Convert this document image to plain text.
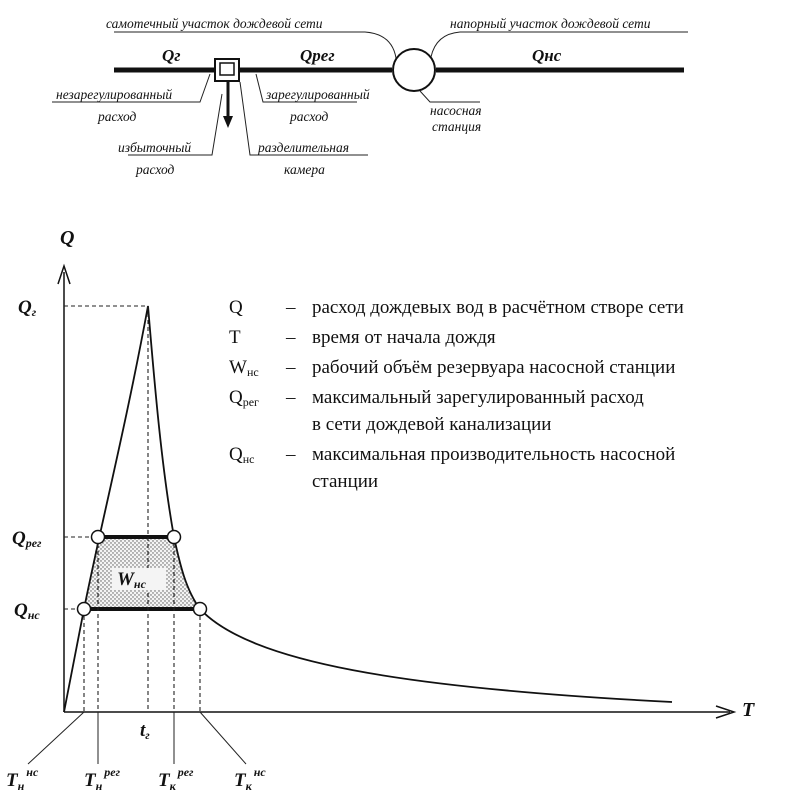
самотечный участок дождевой сети	напорный участок дождевой сети
Qг	Qрег	Qнс
незарегулированный
расход
зарегулированный
расход	насосная
станция
избыточный
расход
разделительная
камера
Q
T
Qг
Qрег
Qнс
Wнс
tг
$T_н^{нс}$ $T_н^{рег}$ $T_к^{рег}$ $T_к^{нс}$
Q – расход дождевых вод в расчётном створе сети
T – время от начала дождя
Wнс – рабочий объём резервуара насосной станции
Qрег – максимальный зарегулированный расход
в сети дождевой канализации
Qнс – максимальная производительность насосной
станции
